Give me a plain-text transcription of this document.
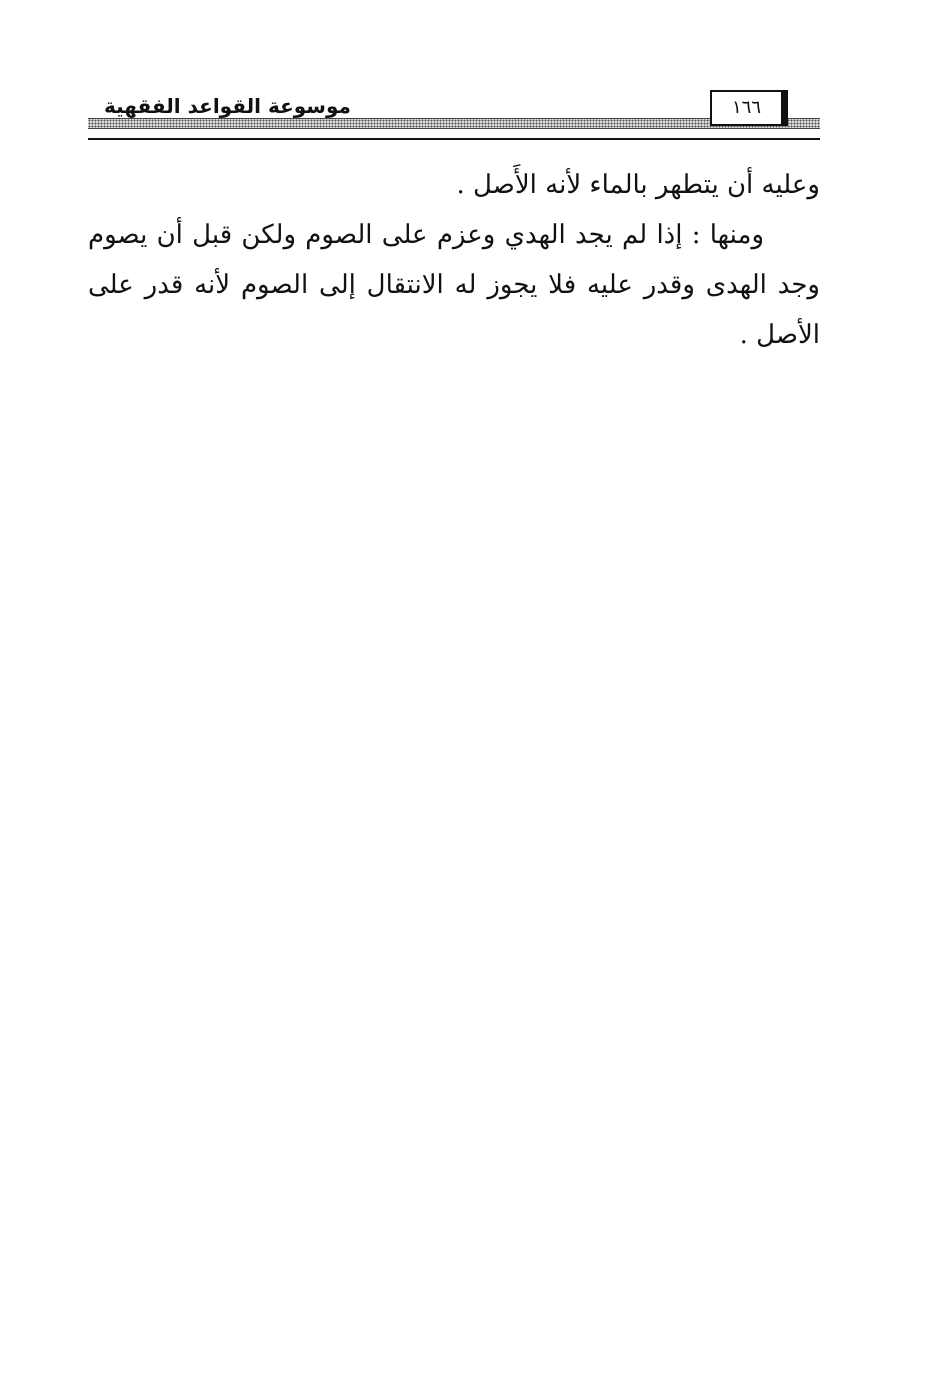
موسوعة القواعد الفقهية	١٦٦

وعليه أن يتطهر بالماء لأنه الأَصل .

ومنها : إذا لم يجد الهدي وعزم على الصوم ولكن قبل أن يصوم وجد الهدى وقدر عليه فلا يجوز له الانتقال إلى الصوم لأنه قدر على الأصل .
